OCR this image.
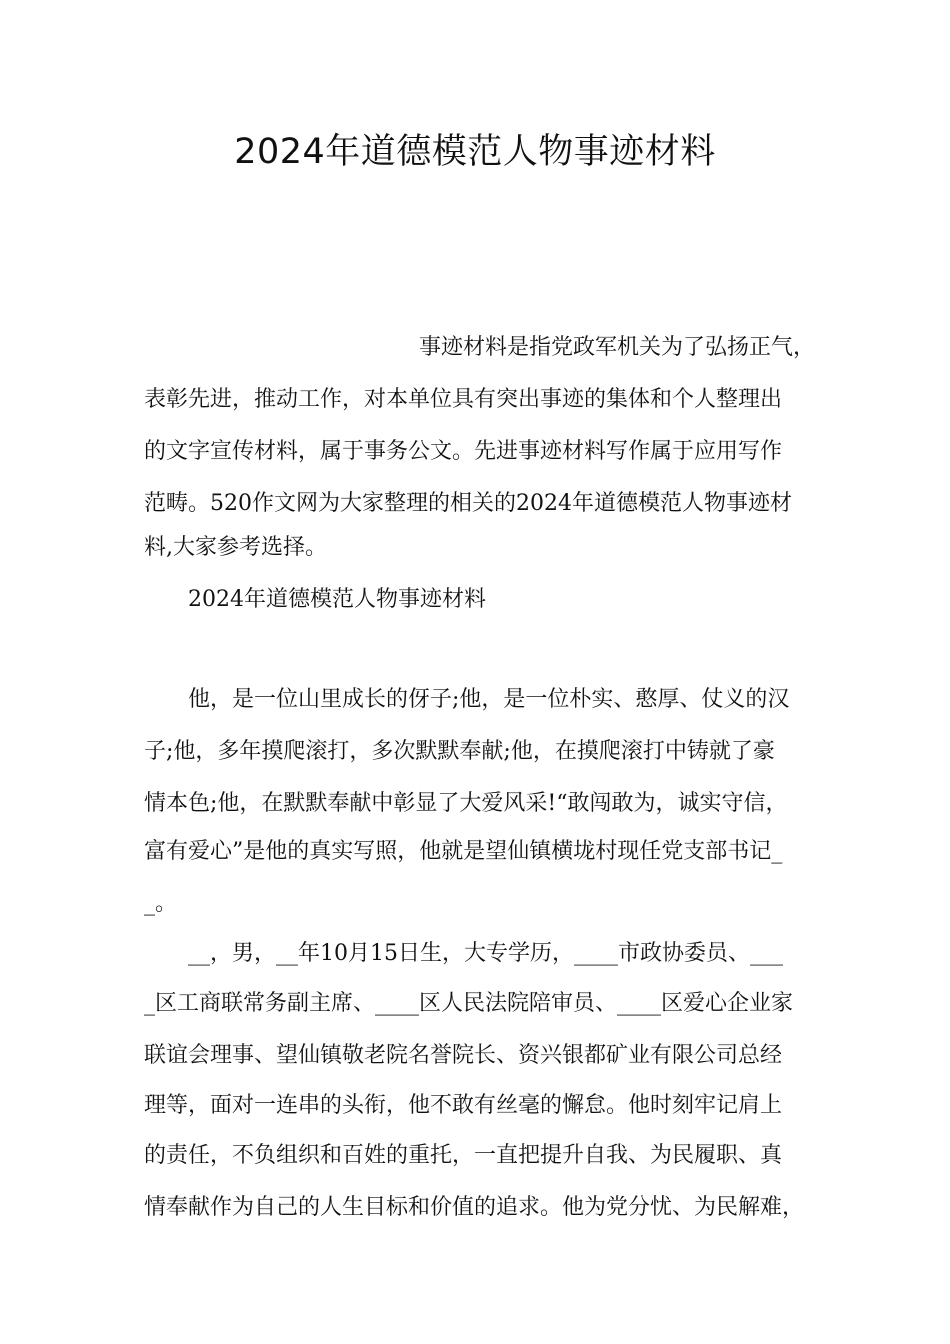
2024年道德模范人物事迹材料
事迹材料是指党政军机关为了弘扬正气，
表彰先进，推动工作，对本单位具有突出事迹的集体和个人整理出
的文字宣传材料，属于事务公文。先进事迹材料写作属于应用写作
范畴。520作文网为大家整理的相关的2024年道德模范人物事迹材
料,大家参考选择。
2024年道德模范人物事迹材料
他，是一位山里成长的伢子;他，是一位朴实、憨厚、仗义的汉
子;他，多年摸爬滚打，多次默默奉献;他，在摸爬滚打中铸就了豪
情本色;他，在默默奉献中彰显了大爱风采!“敢闯敢为，诚实守信，
富有爱心”是他的真实写照，他就是望仙镇横垅村现任党支部书记_
_。
__，男，__年10月15日生，大专学历，____市政协委员、___
_区工商联常务副主席、____区人民法院陪审员、____区爱心企业家
联谊会理事、望仙镇敬老院名誉院长、资兴银都矿业有限公司总经
理等，面对一连串的头衔，他不敢有丝毫的懈怠。他时刻牢记肩上
的责任，不负组织和百姓的重托，一直把提升自我、为民履职、真
情奉献作为自己的人生目标和价值的追求。他为党分忧、为民解难，
